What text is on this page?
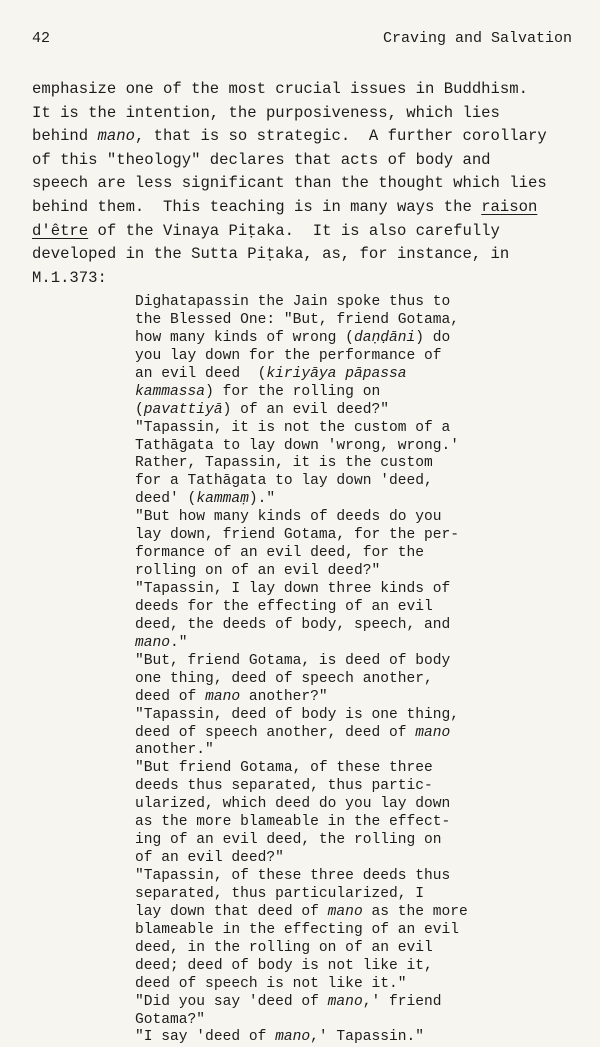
42	Craving and Salvation
emphasize one of the most crucial issues in Buddhism.
It is the intention, the purposiveness, which lies
behind mano, that is so strategic.  A further corollary
of this "theology" declares that acts of body and
speech are less significant than the thought which lies
behind them.  This teaching is in many ways the raison
d'être of the Vinaya Piṭaka.  It is also carefully
developed in the Sutta Piṭaka, as, for instance, in
M.1.373:
Dighatapassin the Jain spoke thus to
the Blessed One: "But, friend Gotama,
how many kinds of wrong (daṇḍāni) do
you lay down for the performance of
an evil deed  (kiriyāya pāpassa
kammassa) for the rolling on
(pavattiyā) of an evil deed?"
"Tapassin, it is not the custom of a
Tathāgata to lay down 'wrong, wrong.'
Rather, Tapassin, it is the custom
for a Tathāgata to lay down 'deed,
deed' (kammaṃ)."
"But how many kinds of deeds do you
lay down, friend Gotama, for the per-
formance of an evil deed, for the
rolling on of an evil deed?"
"Tapassin, I lay down three kinds of
deeds for the effecting of an evil
deed, the deeds of body, speech, and
mano."
"But, friend Gotama, is deed of body
one thing, deed of speech another,
deed of mano another?"
"Tapassin, deed of body is one thing,
deed of speech another, deed of mano
another."
"But friend Gotama, of these three
deeds thus separated, thus partic-
ularized, which deed do you lay down
as the more blameable in the effect-
ing of an evil deed, the rolling on
of an evil deed?"
"Tapassin, of these three deeds thus
separated, thus particularized, I
lay down that deed of mano as the more
blameable in the effecting of an evil
deed, in the rolling on of an evil
deed; deed of body is not like it,
deed of speech is not like it."
"Did you say 'deed of mano,' friend
Gotama?"
"I say 'deed of mano,' Tapassin."
